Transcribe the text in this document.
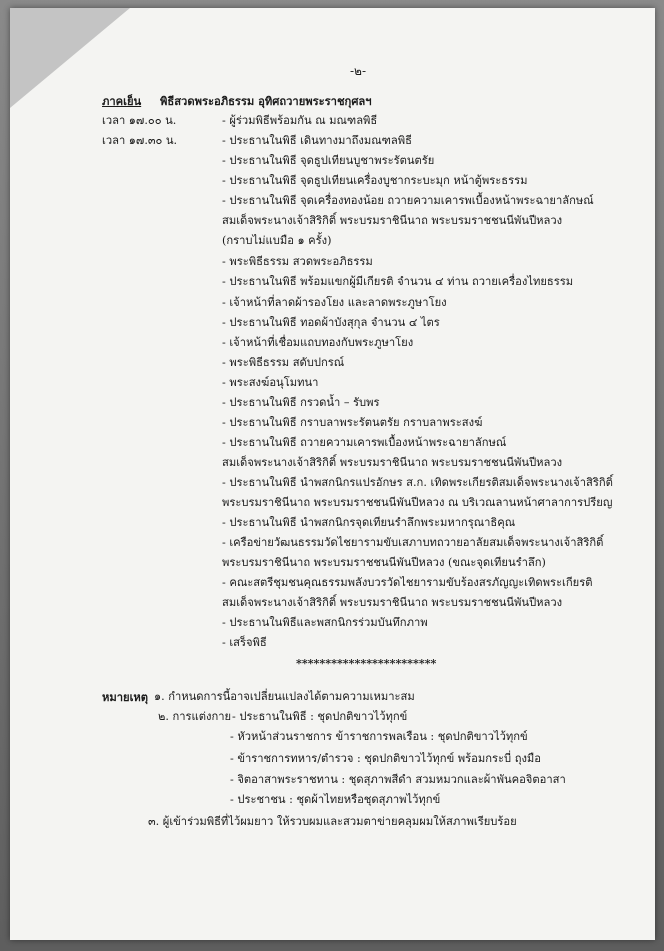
-๒-
ภาคเย็น พิธีสวดพระอภิธรรม อุทิศถวายพระราชกุศลฯ
เวลา ๑๗.๐๐ น.	- ผู้ร่วมพิธีพร้อมกัน ณ มณฑลพิธี
เวลา ๑๗.๓๐ น.	- ประธานในพิธี เดินทางมาถึงมณฑลพิธี
- ประธานในพิธี จุดธูปเทียนบูชาพระรัตนตรัย
- ประธานในพิธี จุดธูปเทียนเครื่องบูชากระบะมุก หน้าตู้พระธรรม
- ประธานในพิธี จุดเครื่องทองน้อย ถวายความเคารพเบื้องหน้าพระฉายาลักษณ์
สมเด็จพระนางเจ้าสิริกิติ์ พระบรมราชินีนาถ พระบรมราชชนนีพันปีหลวง
(กราบไม่แบมือ ๑ ครั้ง)
- พระพิธีธรรม สวดพระอภิธรรม
- ประธานในพิธี พร้อมแขกผู้มีเกียรติ จำนวน ๔ ท่าน ถวายเครื่องไทยธรรม
- เจ้าหน้าที่ลาดผ้ารองโยง และลาดพระภูษาโยง
- ประธานในพิธี ทอดผ้าบังสุกุล จำนวน ๔ ไตร
- เจ้าหน้าที่เชื่อมแถบทองกับพระภูษาโยง
- พระพิธีธรรม สดับปกรณ์
- พระสงฆ์อนุโมทนา
- ประธานในพิธี กรวดน้ำ – รับพร
- ประธานในพิธี กราบลาพระรัตนตรัย กราบลาพระสงฆ์
- ประธานในพิธี ถวายความเคารพเบื้องหน้าพระฉายาลักษณ์
สมเด็จพระนางเจ้าสิริกิติ์ พระบรมราชินีนาถ พระบรมราชชนนีพันปีหลวง
- ประธานในพิธี นำพสกนิกรแปรอักษร ส.ก. เทิดพระเกียรติสมเด็จพระนางเจ้าสิริกิติ์
พระบรมราชินีนาถ พระบรมราชชนนีพันปีหลวง ณ บริเวณลานหน้าศาลาการปรียญ
- ประธานในพิธี นำพสกนิกรจุดเทียนรำลึกพระมหากรุณาธิคุณ
- เครือข่ายวัฒนธรรมวัดไชยารามขับเสภาบทถวายอาลัยสมเด็จพระนางเจ้าสิริกิติ์
พระบรมราชินีนาถ พระบรมราชชนนีพันปีหลวง (ขณะจุดเทียนรำลึก)
- คณะสตรีชุมชนคุณธรรมพลังบวรวัดไชยารามขับร้องสรภัญญะเทิดพระเกียรติ
สมเด็จพระนางเจ้าสิริกิติ์ พระบรมราชินีนาถ พระบรมราชชนนีพันปีหลวง
- ประธานในพิธีและพสกนิกรร่วมบันทึกภาพ
- เสร็จพิธี
************************
หมายเหตุ ๑. กำหนดการนี้อาจเปลี่ยนแปลงได้ตามความเหมาะสม
๒. การแต่งกาย - ประธานในพิธี : ชุดปกติขาวไว้ทุกข์
- หัวหน้าส่วนราชการ ข้าราชการพลเรือน : ชุดปกติขาวไว้ทุกข์
- ข้าราชการทหาร/ตำรวจ : ชุดปกติขาวไว้ทุกข์ พร้อมกระบี่ ถุงมือ
- จิตอาสาพระราชทาน : ชุดสุภาพสีดำ สวมหมวกและผ้าพันคอจิตอาสา
- ประชาชน : ชุดผ้าไทยหรือชุดสุภาพไว้ทุกข์
๓. ผู้เข้าร่วมพิธีที่ไว้ผมยาว ให้รวบผมและสวมตาข่ายคลุมผมให้สภาพเรียบร้อย
